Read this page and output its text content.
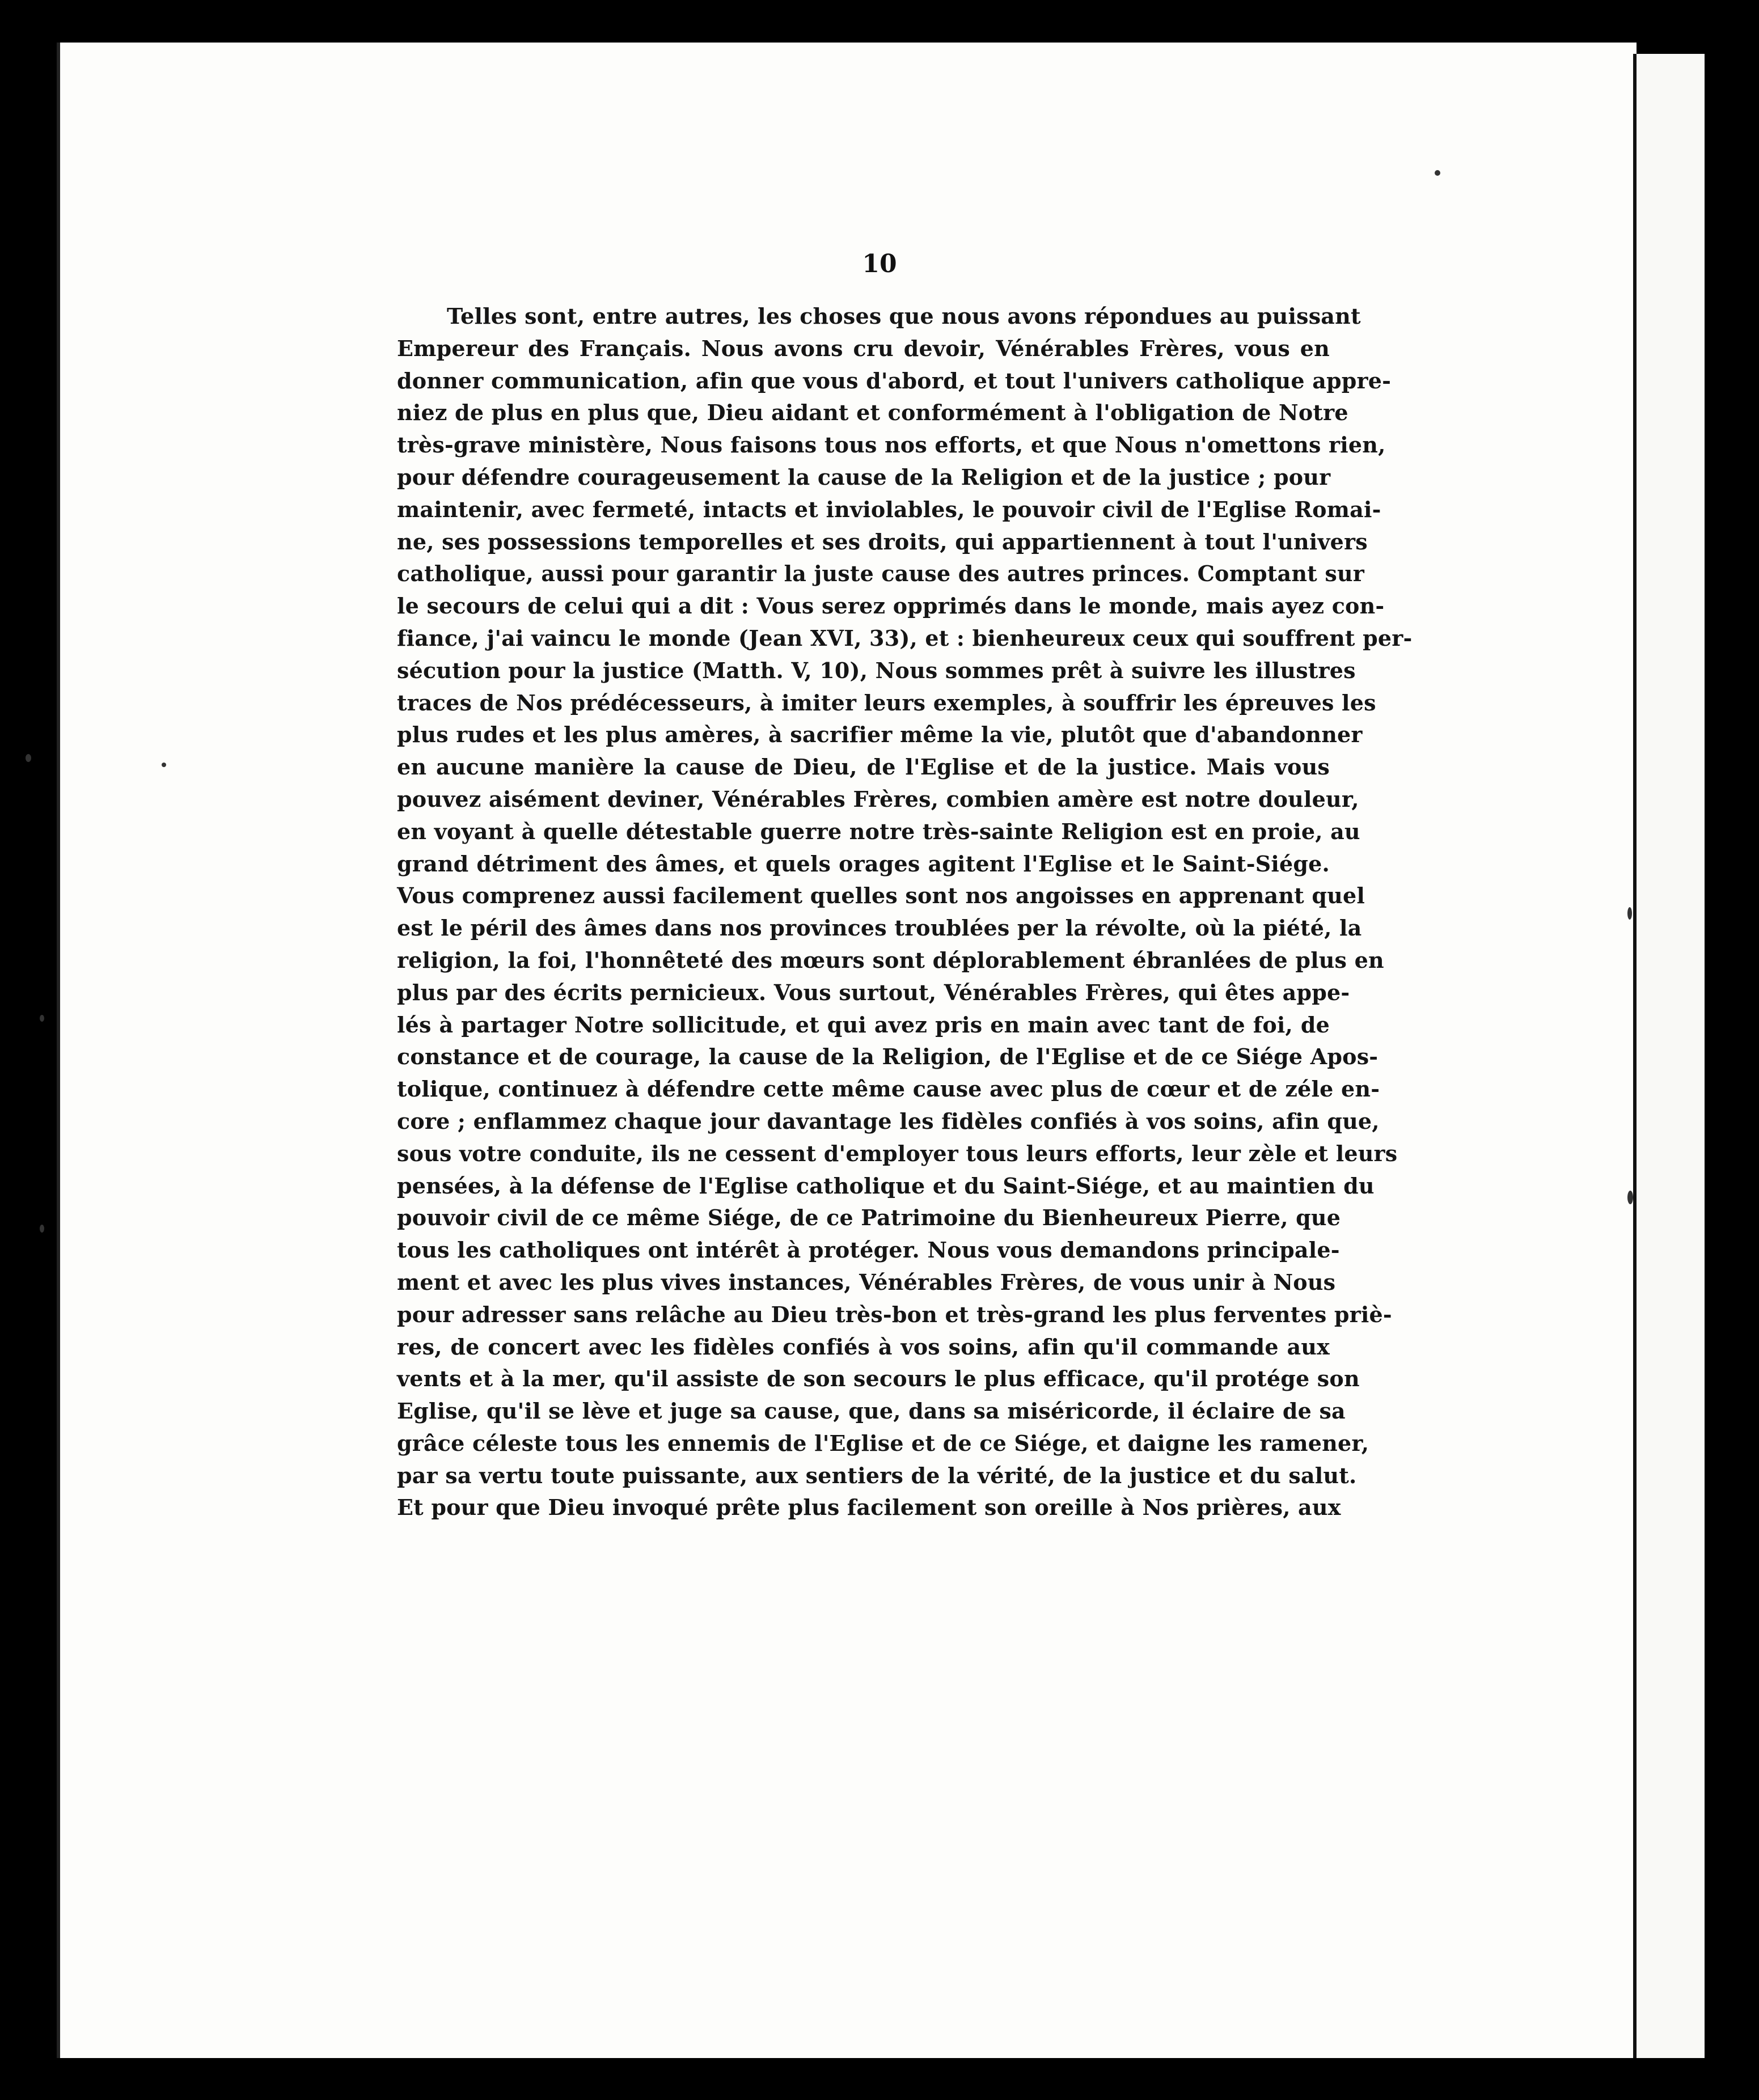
10
Telles sont, entre autres, les choses que nous avons répondues au puissant
Empereur des Français. Nous avons cru devoir, Vénérables Frères, vous en
donner communication, afin que vous d'abord, et tout l'univers catholique appre-
niez de plus en plus que, Dieu aidant et conformément à l'obligation de Notre
très-grave ministère, Nous faisons tous nos efforts, et que Nous n'omettons rien,
pour défendre courageusement la cause de la Religion et de la justice ; pour
maintenir, avec fermeté, intacts et inviolables, le pouvoir civil de l'Eglise Romai-
ne, ses possessions temporelles et ses droits, qui appartiennent à tout l'univers
catholique, aussi pour garantir la juste cause des autres princes. Comptant sur
le secours de celui qui a dit : Vous serez opprimés dans le monde, mais ayez con-
fiance, j'ai vaincu le monde (Jean XVI, 33), et : bienheureux ceux qui souffrent per-
sécution pour la justice (Matth. V, 10), Nous sommes prêt à suivre les illustres
traces de Nos prédécesseurs, à imiter leurs exemples, à souffrir les épreuves les
plus rudes et les plus amères, à sacrifier même la vie, plutôt que d'abandonner
en aucune manière la cause de Dieu, de l'Eglise et de la justice. Mais vous
pouvez aisément deviner, Vénérables Frères, combien amère est notre douleur,
en voyant à quelle détestable guerre notre très-sainte Religion est en proie, au
grand détriment des âmes, et quels orages agitent l'Eglise et le Saint-Siége.
Vous comprenez aussi facilement quelles sont nos angoisses en apprenant quel
est le péril des âmes dans nos provinces troublées per la révolte, où la piété, la
religion, la foi, l'honnêteté des mœurs sont déplorablement ébranlées de plus en
plus par des écrits pernicieux. Vous surtout, Vénérables Frères, qui êtes appe-
lés à partager Notre sollicitude, et qui avez pris en main avec tant de foi, de
constance et de courage, la cause de la Religion, de l'Eglise et de ce Siége Apos-
tolique, continuez à défendre cette même cause avec plus de cœur et de zéle en-
core ; enflammez chaque jour davantage les fidèles confiés à vos soins, afin que,
sous votre conduite, ils ne cessent d'employer tous leurs efforts, leur zèle et leurs
pensées, à la défense de l'Eglise catholique et du Saint-Siége, et au maintien du
pouvoir civil de ce même Siége, de ce Patrimoine du Bienheureux Pierre, que
tous les catholiques ont intérêt à protéger. Nous vous demandons principale-
ment et avec les plus vives instances, Vénérables Frères, de vous unir à Nous
pour adresser sans relâche au Dieu très-bon et très-grand les plus ferventes priè-
res, de concert avec les fidèles confiés à vos soins, afin qu'il commande aux
vents et à la mer, qu'il assiste de son secours le plus efficace, qu'il protége son
Eglise, qu'il se lève et juge sa cause, que, dans sa miséricorde, il éclaire de sa
grâce céleste tous les ennemis de l'Eglise et de ce Siége, et daigne les ramener,
par sa vertu toute puissante, aux sentiers de la vérité, de la justice et du salut.
Et pour que Dieu invoqué prête plus facilement son oreille à Nos prières, aux
